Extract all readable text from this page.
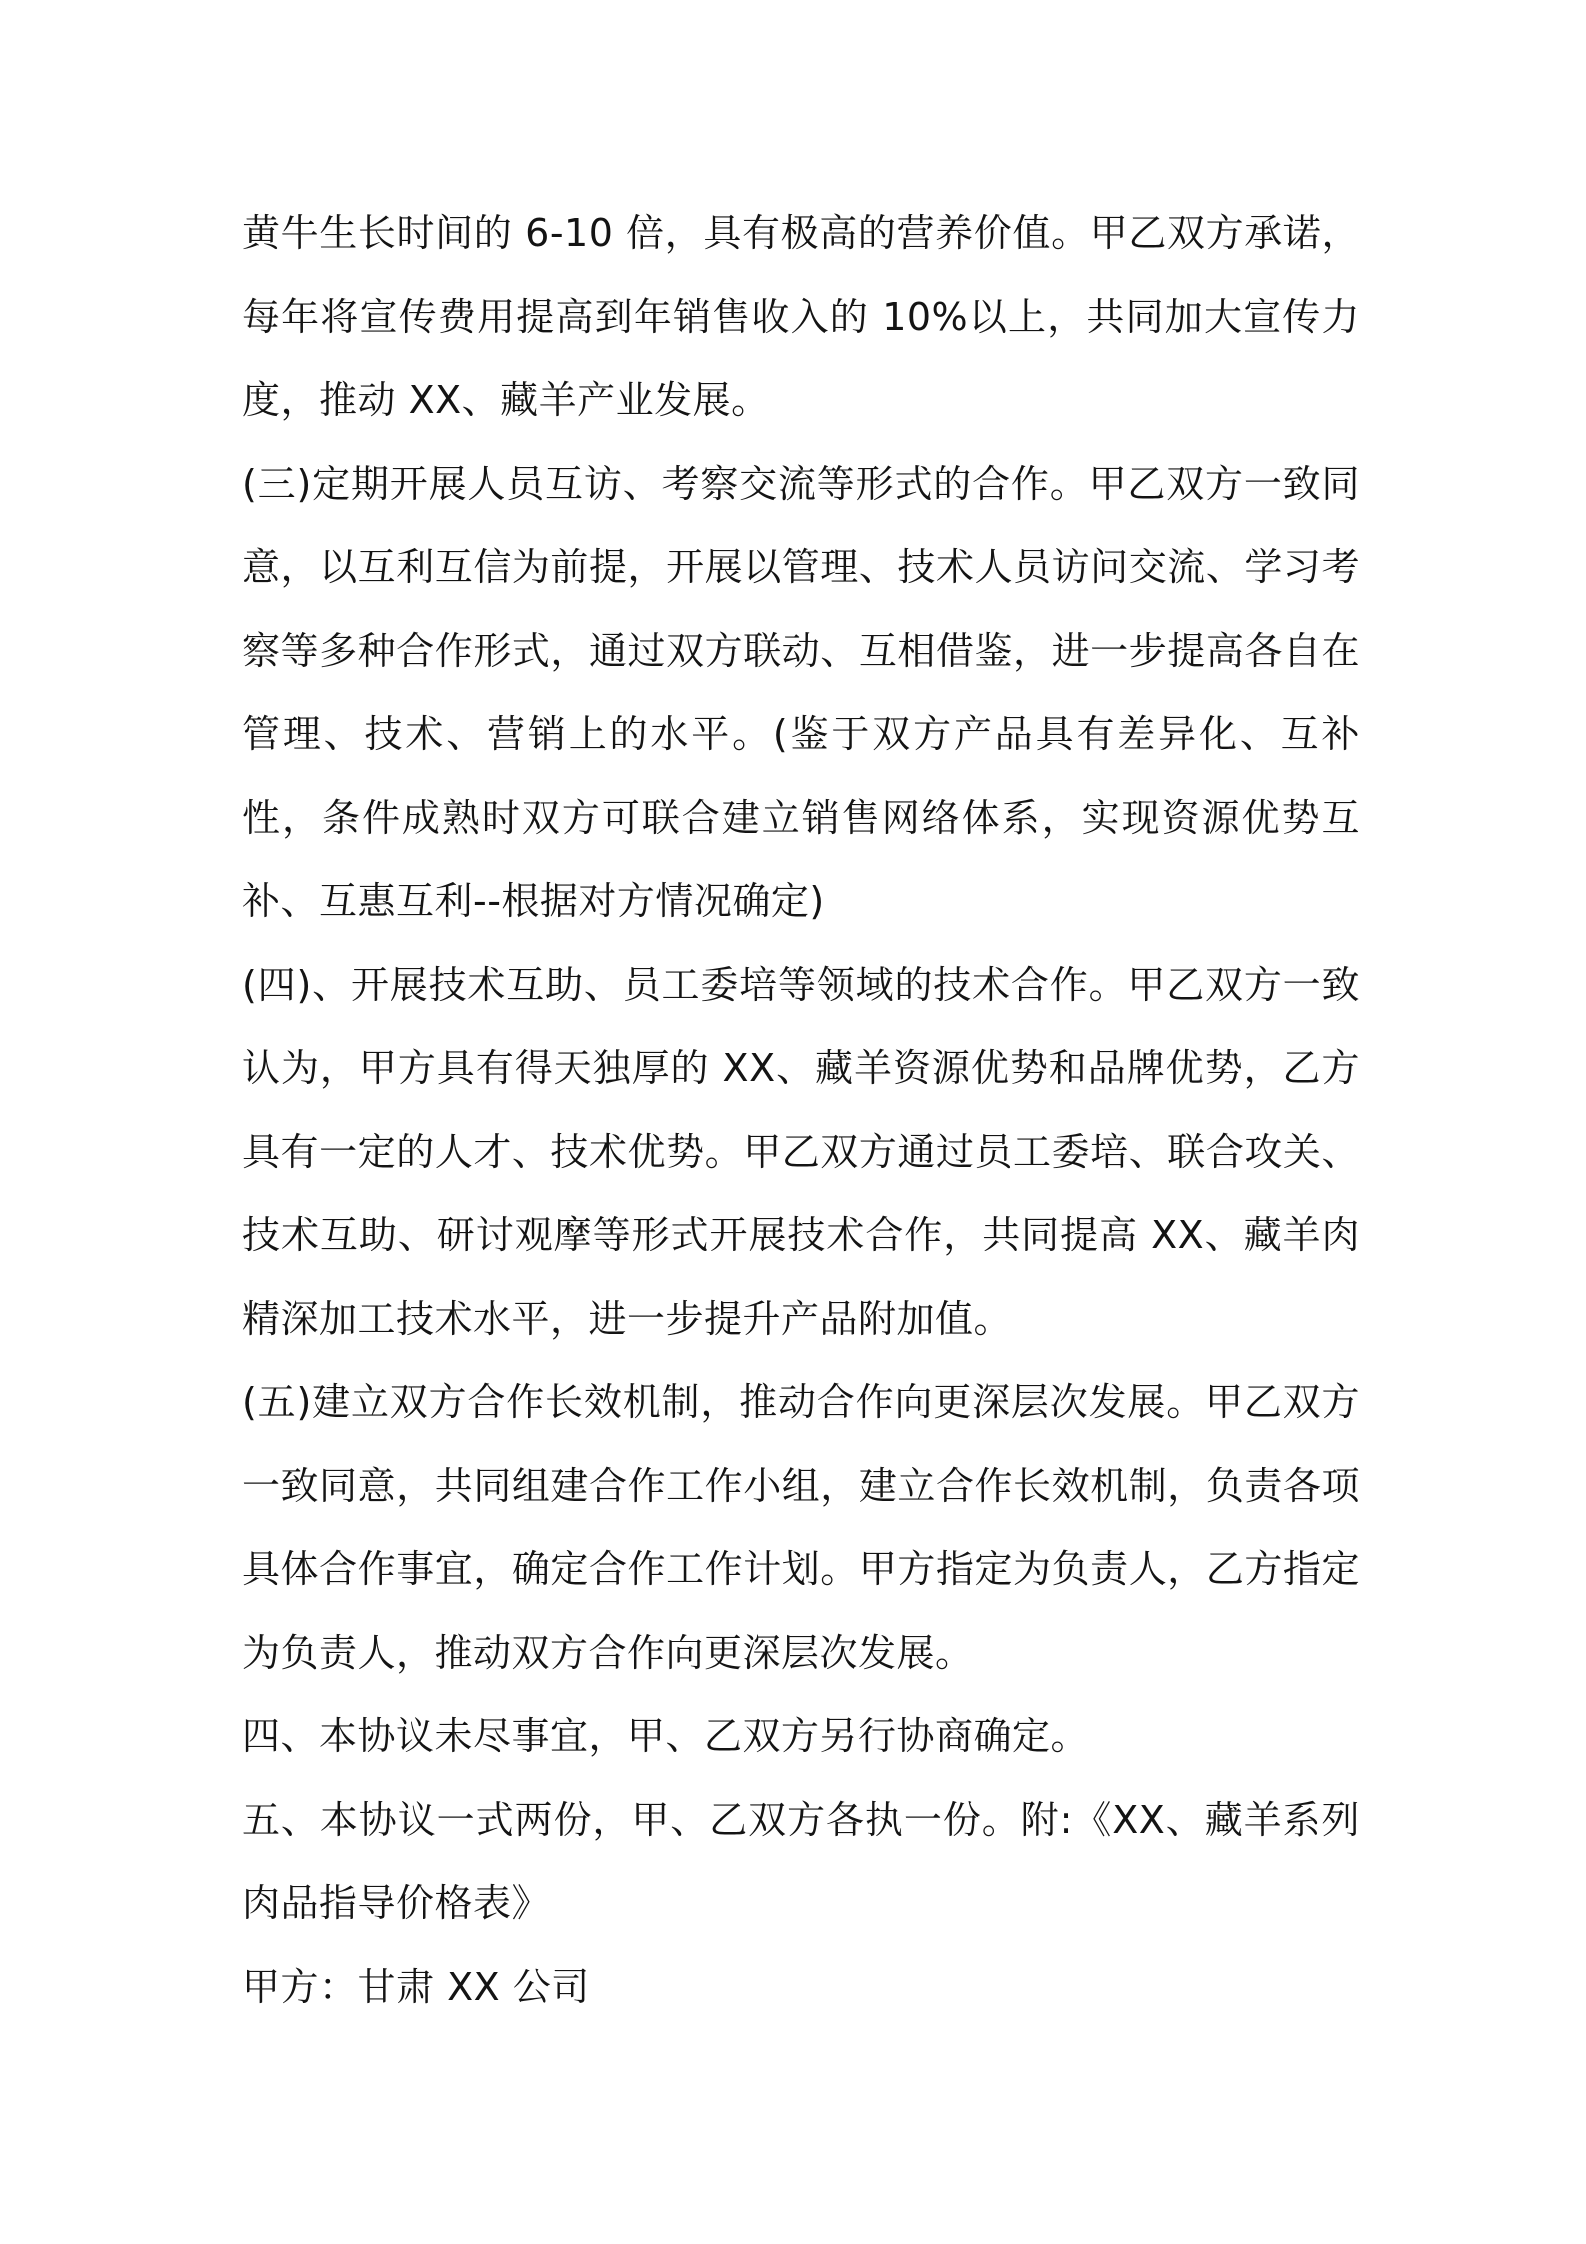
黄牛生长时间的 6-10 倍，具有极高的营养价值。甲乙双方承诺，每年将宣传费用提高到年销售收入的 10%以上，共同加大宣传力度，推动 XX、藏羊产业发展。

(三)定期开展人员互访、考察交流等形式的合作。甲乙双方一致同意，以互利互信为前提，开展以管理、技术人员访问交流、学习考察等多种合作形式，通过双方联动、互相借鉴，进一步提高各自在管理、技术、营销上的水平。(鉴于双方产品具有差异化、互补性，条件成熟时双方可联合建立销售网络体系，实现资源优势互补、互惠互利--根据对方情况确定)

(四)、开展技术互助、员工委培等领域的技术合作。甲乙双方一致认为，甲方具有得天独厚的 XX、藏羊资源优势和品牌优势，乙方具有一定的人才、技术优势。甲乙双方通过员工委培、联合攻关、技术互助、研讨观摩等形式开展技术合作，共同提高 XX、藏羊肉精深加工技术水平，进一步提升产品附加值。

(五)建立双方合作长效机制，推动合作向更深层次发展。甲乙双方一致同意，共同组建合作工作小组，建立合作长效机制，负责各项具体合作事宜，确定合作工作计划。甲方指定为负责人，乙方指定为负责人，推动双方合作向更深层次发展。

四、本协议未尽事宜，甲、乙双方另行协商确定。

五、本协议一式两份，甲、乙双方各执一份。附:《XX、藏羊系列肉品指导价格表》

甲方：甘肃 XX 公司
